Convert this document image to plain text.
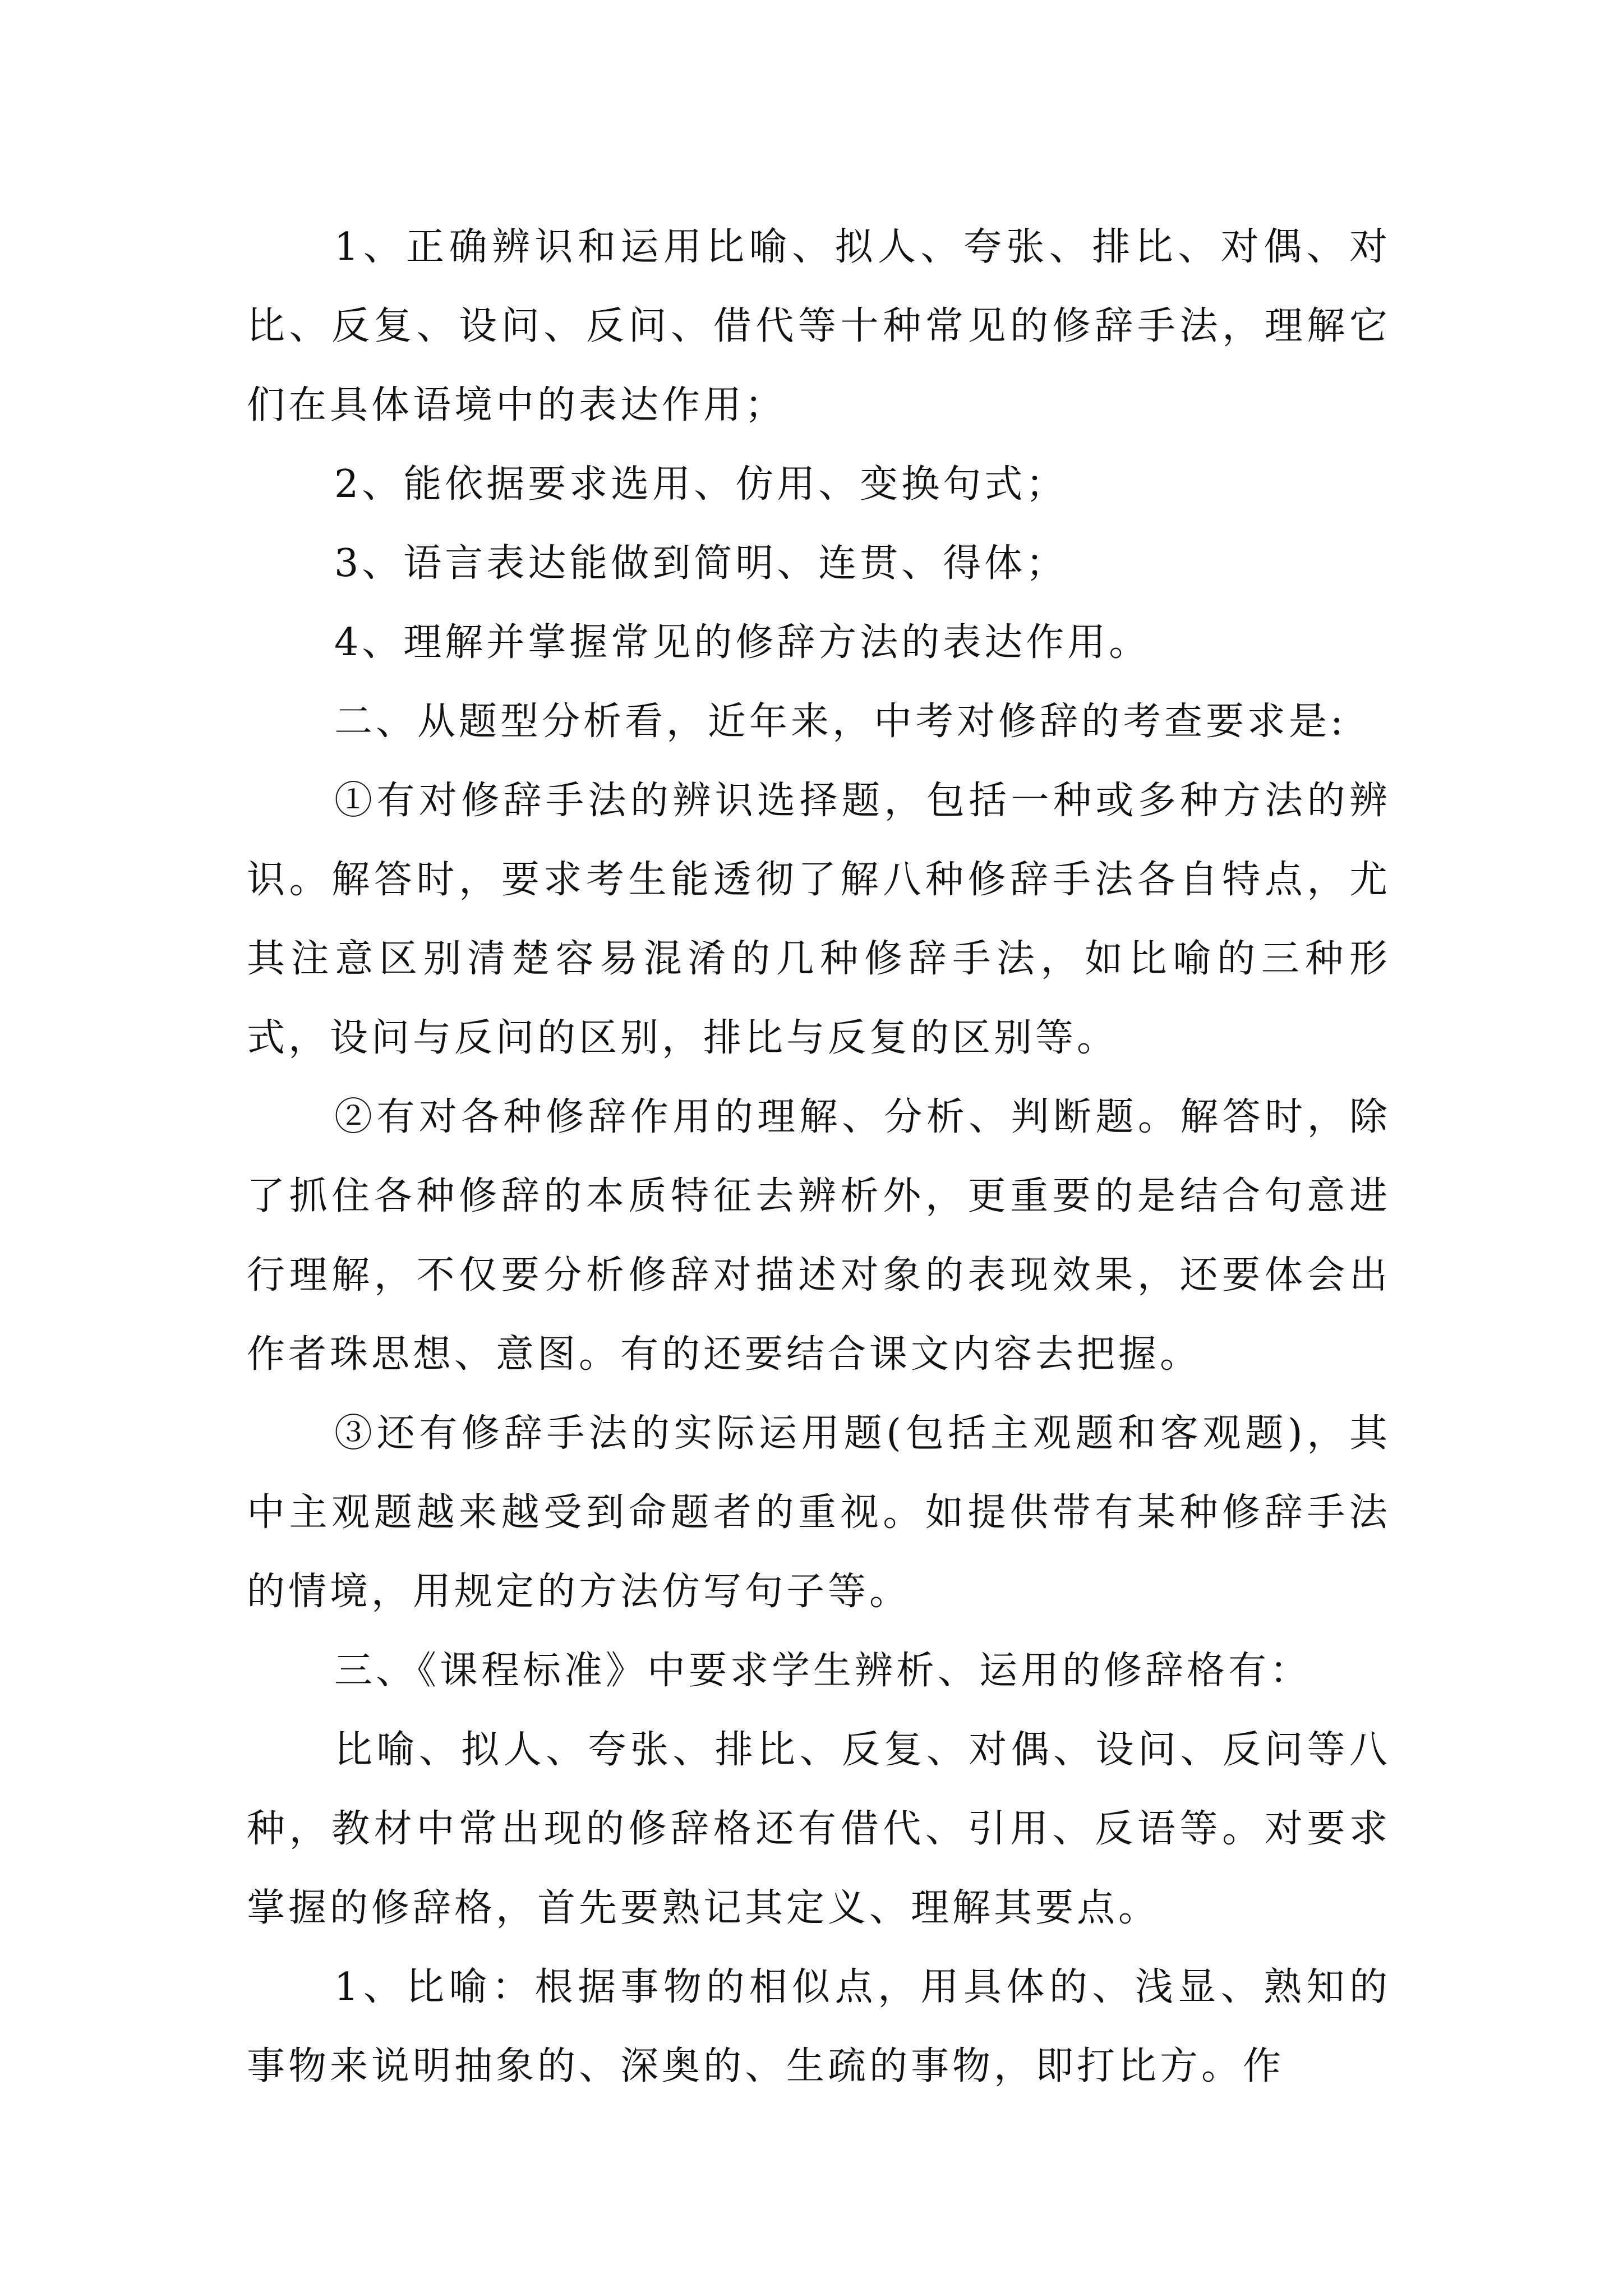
1、正确辨识和运用比喻、拟人、夸张、排比、对偶、对比、反复、设问、反问、借代等十种常见的修辞手法，理解它们在具体语境中的表达作用；

2、能依据要求选用、仿用、变换句式；

3、语言表达能做到简明、连贯、得体；

4、理解并掌握常见的修辞方法的表达作用。

二、从题型分析看，近年来，中考对修辞的考查要求是:

①有对修辞手法的辨识选择题，包括一种或多种方法的辨识。解答时，要求考生能透彻了解八种修辞手法各自特点，尤其注意区别清楚容易混淆的几种修辞手法，如比喻的三种形式，设问与反问的区别，排比与反复的区别等。

②有对各种修辞作用的理解、分析、判断题。解答时，除了抓住各种修辞的本质特征去辨析外，更重要的是结合句意进行理解，不仅要分析修辞对描述对象的表现效果，还要体会出作者珠思想、意图。有的还要结合课文内容去把握。

③还有修辞手法的实际运用题(包括主观题和客观题)，其中主观题越来越受到命题者的重视。如提供带有某种修辞手法的情境，用规定的方法仿写句子等。

三、《课程标准》中要求学生辨析、运用的修辞格有：

比喻、拟人、夸张、排比、反复、对偶、设问、反问等八种，教材中常出现的修辞格还有借代、引用、反语等。对要求掌握的修辞格，首先要熟记其定义、理解其要点。

1、比喻：根据事物的相似点，用具体的、浅显、熟知的事物来说明抽象的、深奥的、生疏的事物，即打比方。作
